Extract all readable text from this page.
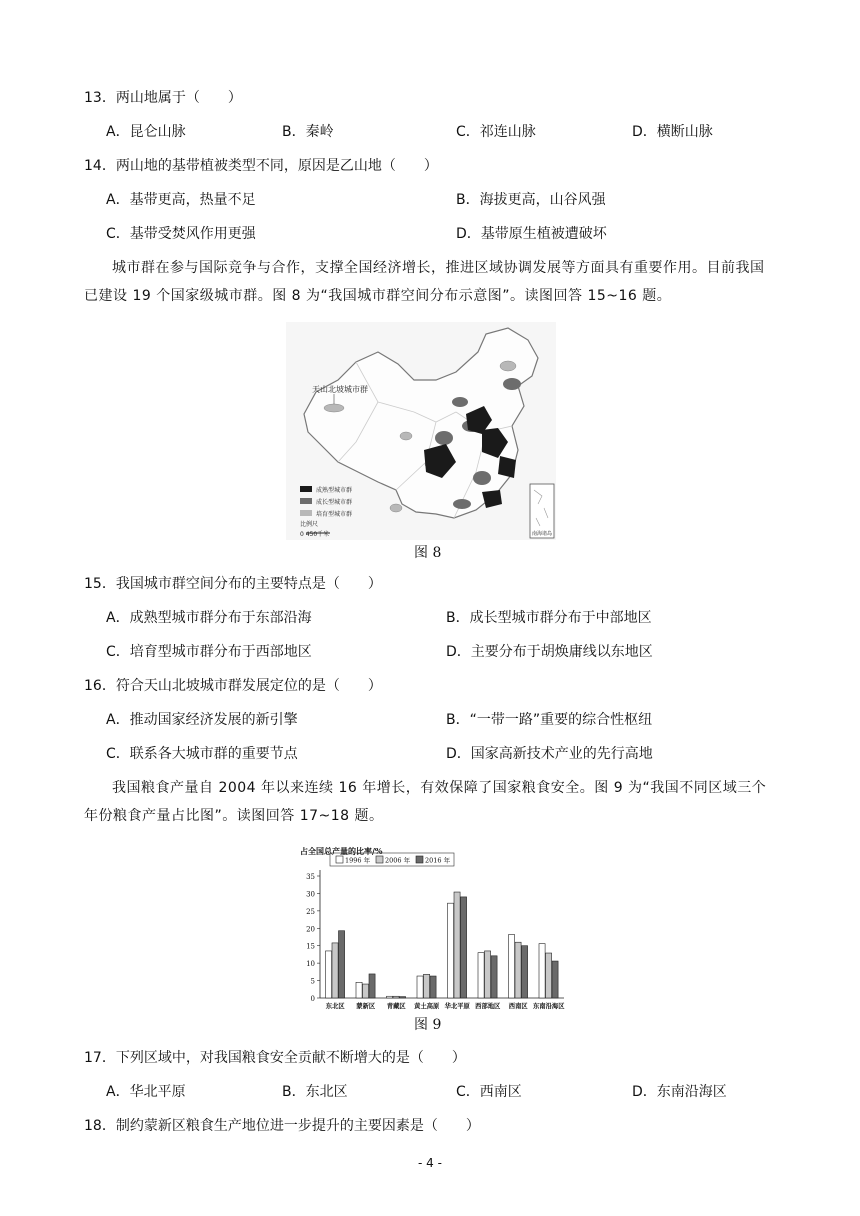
13．两山地属于（　　）
A．昆仑山脉	B．秦岭	C．祁连山脉	D．横断山脉
14．两山地的基带植被类型不同，原因是乙山地（　　）
A．基带更高，热量不足	B．海拔更高，山谷风强
C．基带受焚风作用更强	D．基带原生植被遭破坏
城市群在参与国际竞争与合作，支撑全国经济增长，推进区域协调发展等方面具有重要作用。目前我国已建设 19 个国家级城市群。图 8 为“我国城市群空间分布示意图”。读图回答 15~16 题。
天山北坡城市群
成熟型城市群
成长型城市群
培育型城市群
比例尺
0 450千米	南海诸岛
图 8
15．我国城市群空间分布的主要特点是（　　）
A．成熟型城市群分布于东部沿海	B．成长型城市群分布于中部地区
C．培育型城市群分布于西部地区	D．主要分布于胡焕庸线以东地区
16．符合天山北坡城市群发展定位的是（　　）
A．推动国家经济发展的新引擎	B．“一带一路”重要的综合性枢纽
C．联系各大城市群的重要节点	D．国家高新技术产业的先行高地
我国粮食产量自 2004 年以来连续 16 年增长，有效保障了国家粮食安全。图 9 为“我国不同区域三个年份粮食产量占比图”。读图回答 17~18 题。
占全国总产量的比率/%
0
5
10
15
20
25
30
35
1996 年 2006 年 2016 年
东北区 蒙新区 青藏区 黄土高原 华北平原 西部地区 西南区 东南沿海区
图 9
17．下列区域中，对我国粮食安全贡献不断增大的是（　　）
A．华北平原	B．东北区	C．西南区	D．东南沿海区
18．制约蒙新区粮食生产地位进一步提升的主要因素是（　　）
- 4 -
